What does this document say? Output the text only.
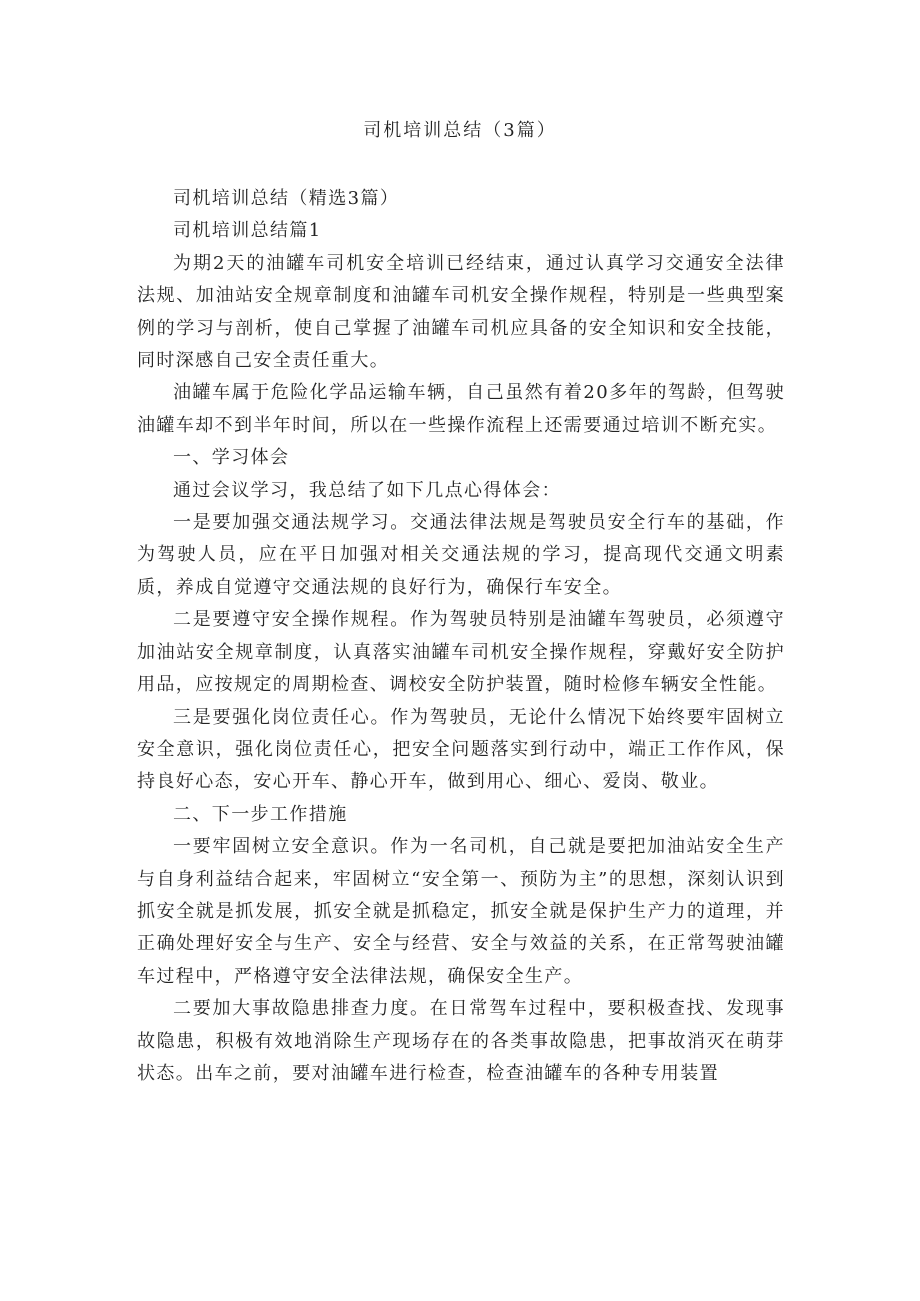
司机培训总结（3篇）

司机培训总结（精选3篇）

司机培训总结篇1

为期2天的油罐车司机安全培训已经结束，通过认真学习交通安全法律法规、加油站安全规章制度和油罐车司机安全操作规程，特别是一些典型案例的学习与剖析，使自己掌握了油罐车司机应具备的安全知识和安全技能，同时深感自己安全责任重大。

油罐车属于危险化学品运输车辆，自己虽然有着20多年的驾龄，但驾驶油罐车却不到半年时间，所以在一些操作流程上还需要通过培训不断充实。

一、学习体会

通过会议学习，我总结了如下几点心得体会：

一是要加强交通法规学习。交通法律法规是驾驶员安全行车的基础，作为驾驶人员，应在平日加强对相关交通法规的学习，提高现代交通文明素质，养成自觉遵守交通法规的良好行为，确保行车安全。

二是要遵守安全操作规程。作为驾驶员特别是油罐车驾驶员，必须遵守加油站安全规章制度，认真落实油罐车司机安全操作规程，穿戴好安全防护用品，应按规定的周期检查、调校安全防护装置，随时检修车辆安全性能。

三是要强化岗位责任心。作为驾驶员，无论什么情况下始终要牢固树立安全意识，强化岗位责任心，把安全问题落实到行动中，端正工作作风，保持良好心态，安心开车、静心开车，做到用心、细心、爱岗、敬业。

二、下一步工作措施

一要牢固树立安全意识。作为一名司机，自己就是要把加油站安全生产与自身利益结合起来，牢固树立“安全第一、预防为主”的思想，深刻认识到抓安全就是抓发展，抓安全就是抓稳定，抓安全就是保护生产力的道理，并正确处理好安全与生产、安全与经营、安全与效益的关系，在正常驾驶油罐车过程中，严格遵守安全法律法规，确保安全生产。

二要加大事故隐患排查力度。在日常驾车过程中，要积极查找、发现事故隐患，积极有效地消除生产现场存在的各类事故隐患，把事故消灭在萌芽状态。出车之前，要对油罐车进行检查，检查油罐车的各种专用装置
